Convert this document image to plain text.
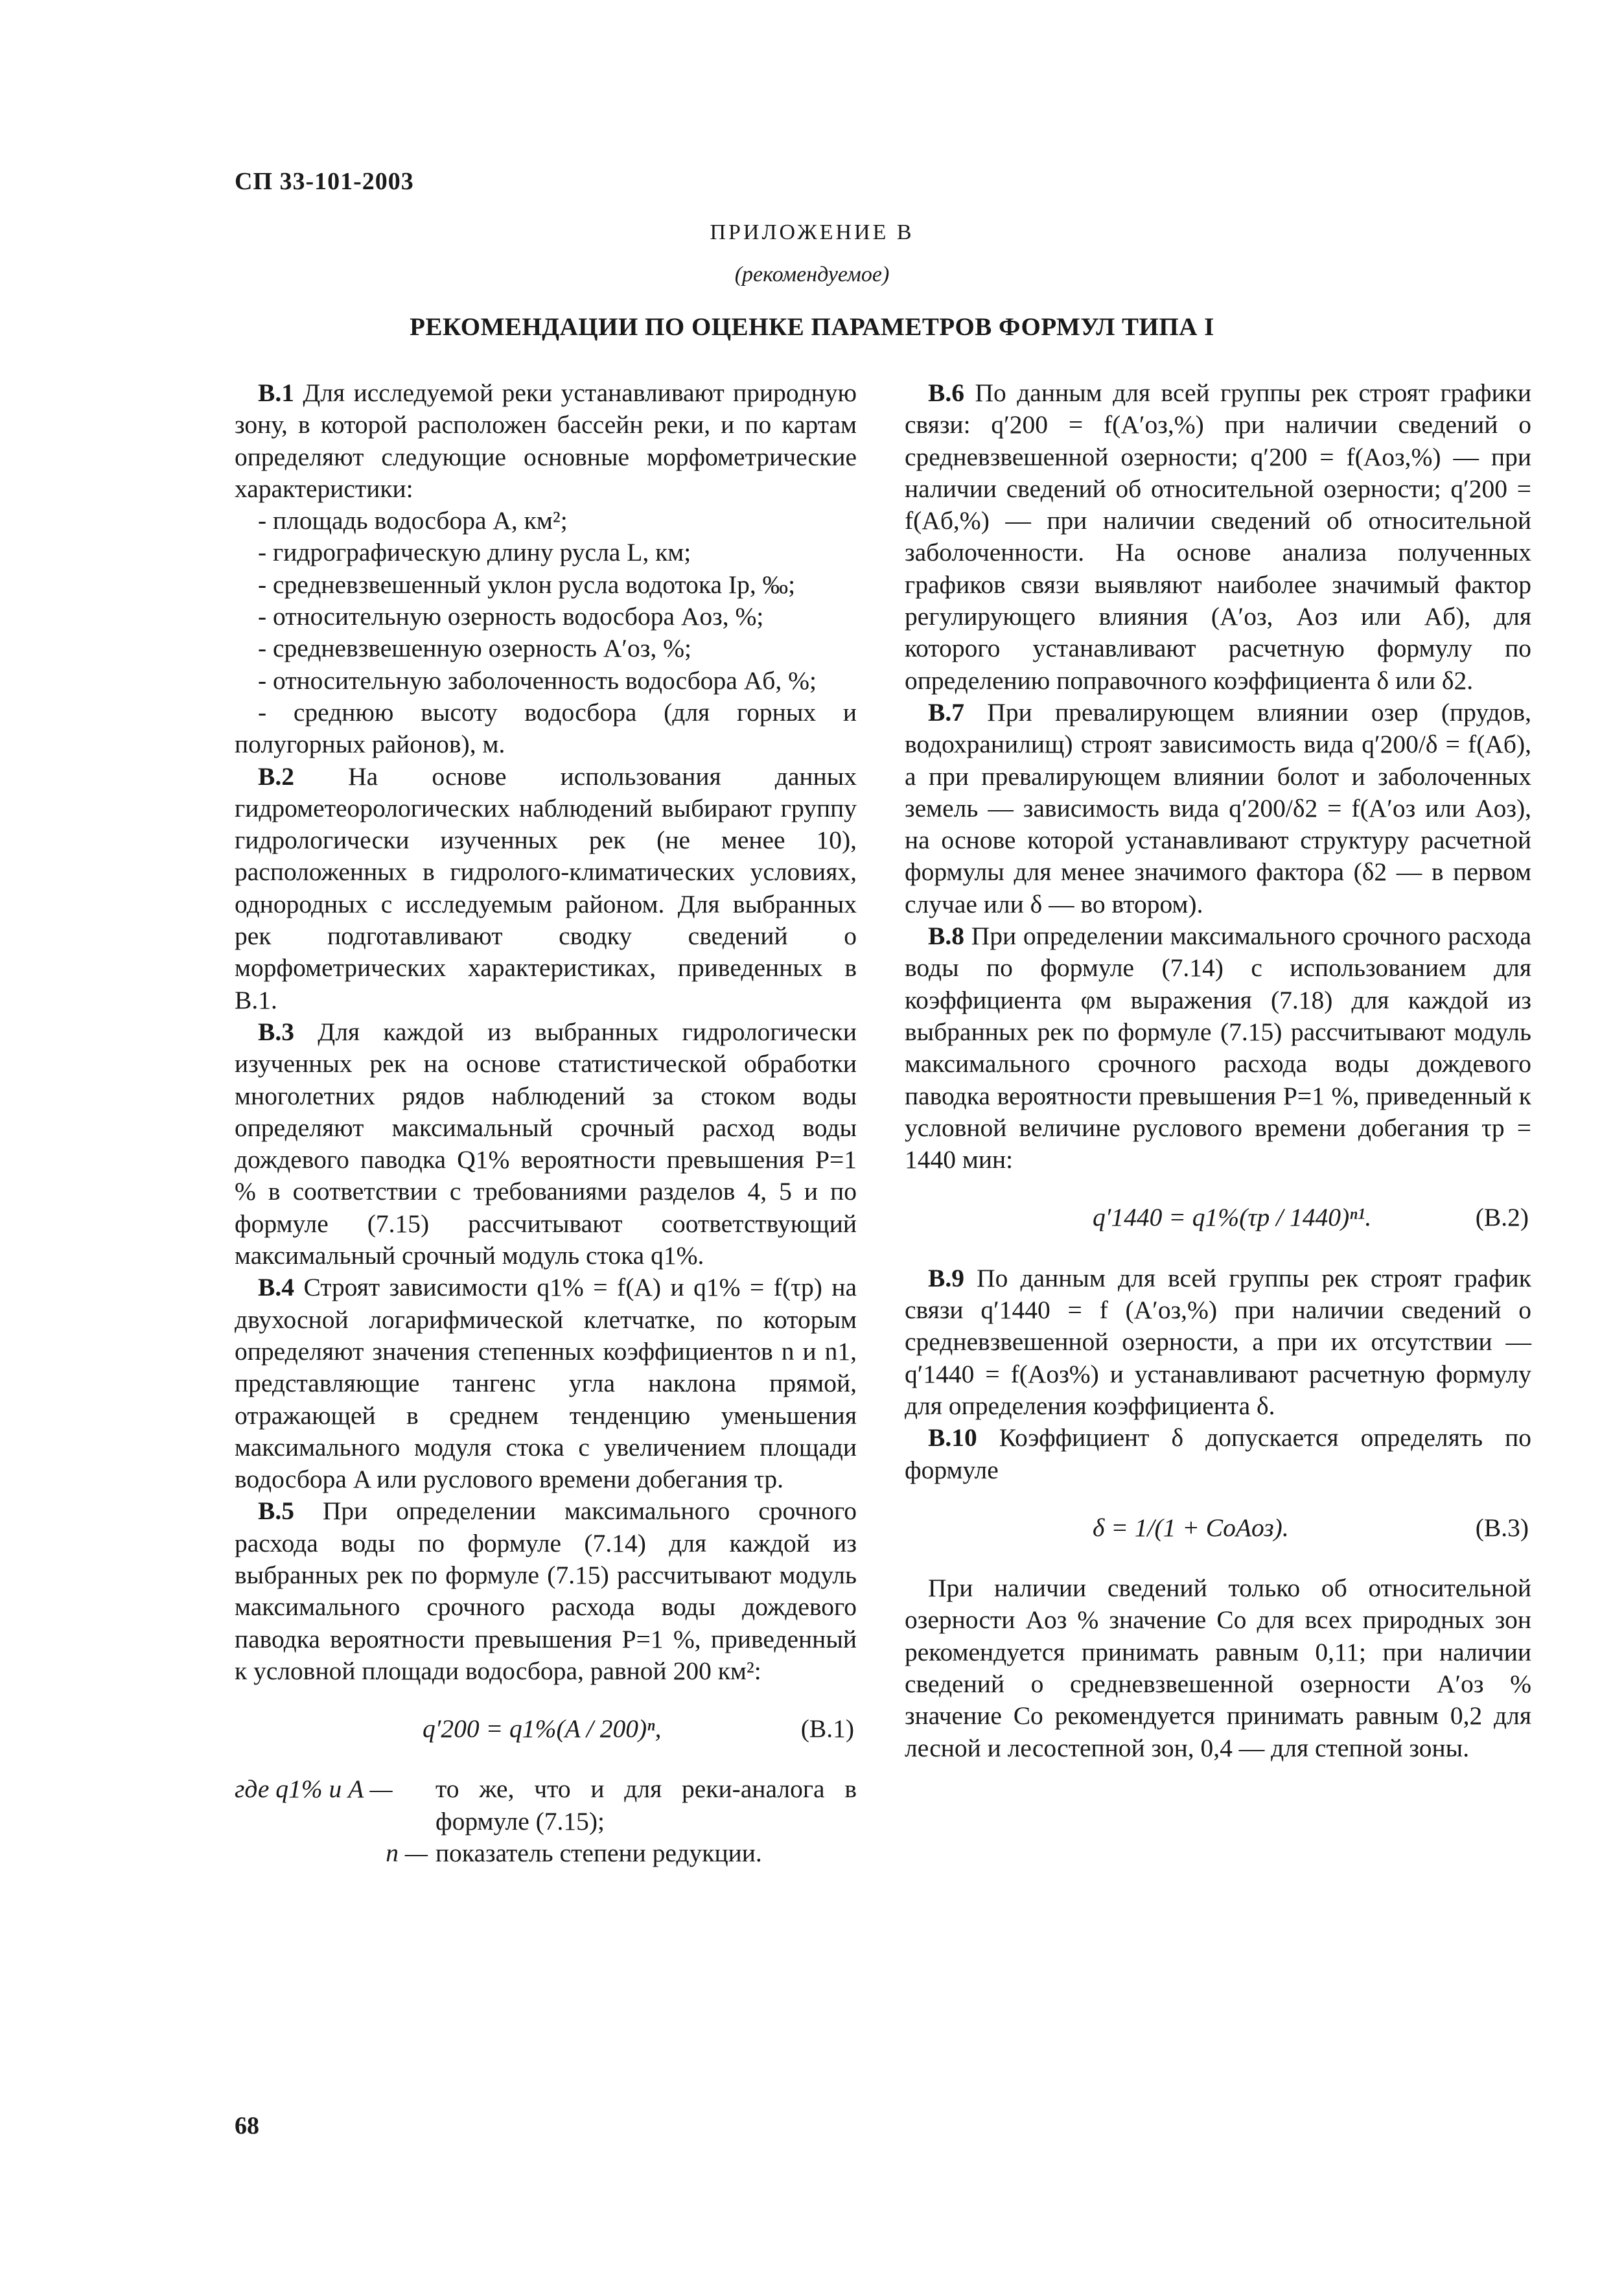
СП 33-101-2003
ПРИЛОЖЕНИЕ В
(рекомендуемое)
РЕКОМЕНДАЦИИ ПО ОЦЕНКЕ ПАРАМЕТРОВ ФОРМУЛ ТИПА I

В.1 Для исследуемой реки устанавливают природную зону, в которой расположен бассейн реки, и по картам определяют следующие основные морфометрические характеристики:

- площадь водосбора A, км²;

- гидрографическую длину русла L, км;

- средневзвешенный уклон русла водотока Iр, ‰;

- относительную озерность водосбора Aоз, %;

- средневзвешенную озерность A′оз, %;

- относительную заболоченность водосбора Aб, %;

- среднюю высоту водосбора (для горных и полугорных районов), м.

В.2 На основе использования данных гидрометеорологических наблюдений выбирают группу гидрологически изученных рек (не менее 10), расположенных в гидролого-климатических условиях, однородных с исследуемым районом. Для выбранных рек подготавливают сводку сведений о морфометрических характеристиках, приведенных в В.1.

В.3 Для каждой из выбранных гидрологически изученных рек на основе статистической обработки многолетних рядов наблюдений за стоком воды определяют максимальный срочный расход воды дождевого паводка Q1% вероятности превышения P=1 % в соответствии с требованиями разделов 4, 5 и по формуле (7.15) рассчитывают соответствующий максимальный срочный модуль стока q1%.

В.4 Строят зависимости q1% = f(A) и q1% = f(τр) на двухосной логарифмической клетчатке, по которым определяют значения степенных коэффициентов n и n1, представляющие тангенс угла наклона прямой, отражающей в среднем тенденцию уменьшения максимального модуля стока с увеличением площади водосбора A или руслового времени добегания τр.

В.5 При определении максимального срочного расхода воды по формуле (7.14) для каждой из выбранных рек по формуле (7.15) рассчитывают модуль максимального срочного расхода воды дождевого паводка вероятности превышения P=1 %, приведенный к условной площади водосбора, равной 200 км²:

q′200 = q1%(A / 200)ⁿ,	(В.1)
где q1% и A —	то же, что и для реки-аналога в формуле (7.15);
n — показатель степени редукции.

В.6 По данным для всей группы рек строят графики связи: q′200 = f(A′оз,%) при наличии сведений о средневзвешенной озерности; q′200 = f(Aоз,%) — при наличии сведений об относительной озерности; q′200 = f(Aб,%) — при наличии сведений об относительной заболоченности. На основе анализа полученных графиков связи выявляют наиболее значимый фактор регулирующего влияния (A′оз, Aоз или Aб), для которого устанавливают расчетную формулу по определению поправочного коэффициента δ или δ2.

В.7 При превалирующем влиянии озер (прудов, водохранилищ) строят зависимость вида q′200/δ = f(Aб), а при превалирующем влиянии болот и заболоченных земель — зависимость вида q′200/δ2 = f(A′оз или Aоз), на основе которой устанавливают структуру расчетной формулы для менее значимого фактора (δ2 — в первом случае или δ — во втором).

В.8 При определении максимального срочного расхода воды по формуле (7.14) с использованием для коэффициента φм выражения (7.18) для каждой из выбранных рек по формуле (7.15) рассчитывают модуль максимального срочного расхода воды дождевого паводка вероятности превышения P=1 %, приведенный к условной величине руслового времени добегания τр = 1440 мин:

q′1440 = q1%(τр / 1440)ⁿ¹.	(В.2)

В.9 По данным для всей группы рек строят график связи q′1440 = f (A′оз,%) при наличии сведений о средневзвешенной озерности, а при их отсутствии — q′1440 = f(Aоз%) и устанавливают расчетную формулу для определения коэффициента δ.

В.10 Коэффициент δ допускается определять по формуле

δ = 1/(1 + CоAоз).	(В.3)

При наличии сведений только об относительной озерности Aоз % значение Cо для всех природных зон рекомендуется принимать равным 0,11; при наличии сведений о средневзвешенной озерности A′оз % значение Cо рекомендуется принимать равным 0,2 для лесной и лесостепной зон, 0,4 — для степной зоны.

68
